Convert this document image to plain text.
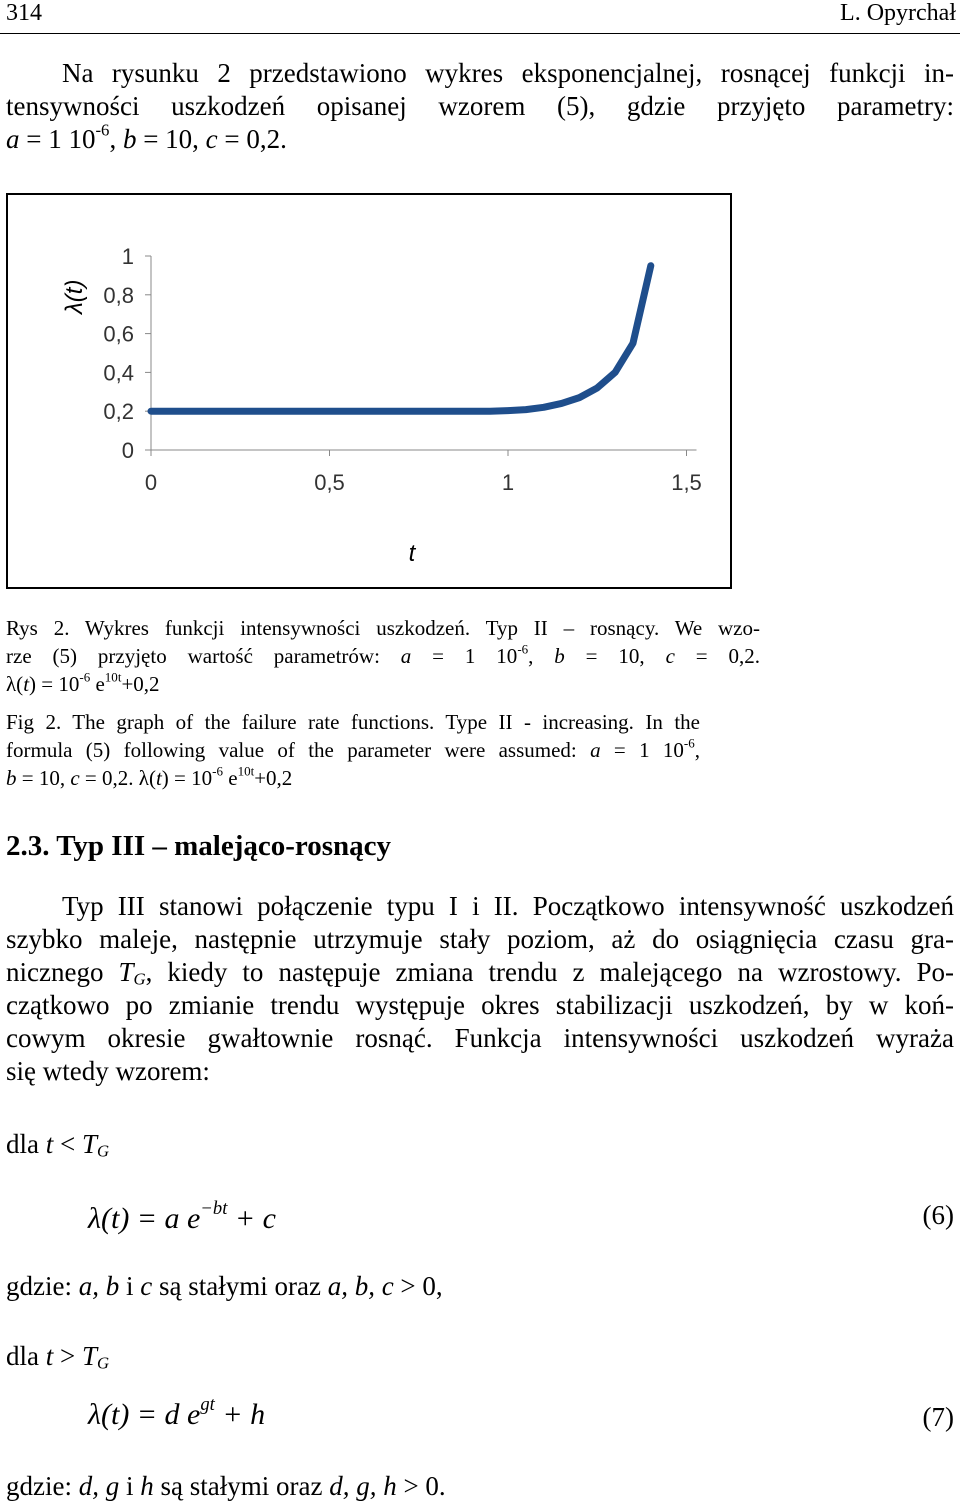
314	L. Opyrchał
Na rysunku 2 przedstawiono wykres eksponencjalnej, rosnącej funkcji in-
tensywności uszkodzeń opisanej wzorem (5), gdzie przyjęto parametry:
a = 1 $10^{-6}$, b = 10, c = 0,2.
1
0,8
0,6
0,4
0,2
0
0	0,5	1	1,5
λ(t)
t
Rys 2. Wykres funkcji intensywności uszkodzeń. Typ II – rosnący. We wzo-
rze (5) przyjęto wartość parametrów: a = 1 $10^{-6}$, b = 10, c = 0,2.
$\lambda(t) = 10^{-6}$ $e^{10t}+0,2$
Fig 2. The graph of the failure rate functions. Type II - increasing. In the
formula (5) following value of the parameter were assumed: a = 1 $10^{-6}$,
b = 10, c = 0,2. $\lambda(t) = 10^{-6}$ $e^{10t}+0,2$
2.3. Typ III – malejąco-rosnący
Typ III stanowi połączenie typu I i II. Początkowo intensywność uszkodzeń
szybko maleje, następnie utrzymuje stały poziom, aż do osiągnięcia czasu gra-
nicznego $T_G$, kiedy to następuje zmiana trendu z malejącego na wzrostowy. Po-
czątkowo po zmianie trendu występuje okres stabilizacji uszkodzeń, by w koń-
cowym okresie gwałtownie rosnąć. Funkcja intensywności uszkodzeń wyraża
się wtedy wzorem:
dla $t < T_G$
λ(t) = a $e^{-bt} + c$	(6)
gdzie: a, b i c są stałymi oraz a, b, c > 0,
dla $t > T_G$
λ(t) = d $e^{gt} + h$	(7)
gdzie: d, g i h są stałymi oraz d, g, h > 0.
